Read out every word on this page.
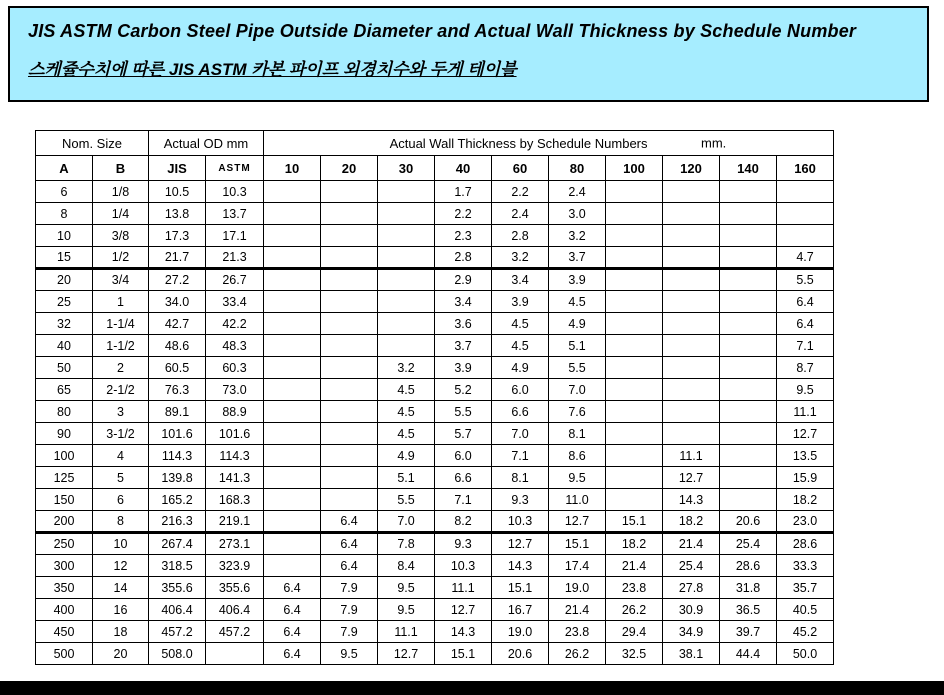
JIS ASTM Carbon Steel Pipe Outside Diameter and Actual Wall Thickness by Schedule Number
스케쥴수치에 따른 JIS ASTM 카본 파이프 외경치수와 두게 테이블
Nom. Size		Actual OD mm		Actual Wall Thickness by Schedule Numbers mm.									

A	B	JIS	ASTM	10	20	30	40	60	80	100	120	140	160
6	1/8	10.5	10.3				1.7	2.2	2.4				
8	1/4	13.8	13.7				2.2	2.4	3.0				
10	3/8	17.3	17.1				2.3	2.8	3.2				
15	1/2	21.7	21.3				2.8	3.2	3.7				4.7
20	3/4	27.2	26.7				2.9	3.4	3.9				5.5
25	1	34.0	33.4				3.4	3.9	4.5				6.4
32	1-1/4	42.7	42.2				3.6	4.5	4.9				6.4
40	1-1/2	48.6	48.3				3.7	4.5	5.1				7.1
50	2	60.5	60.3			3.2	3.9	4.9	5.5				8.7
65	2-1/2	76.3	73.0			4.5	5.2	6.0	7.0				9.5
80	3	89.1	88.9			4.5	5.5	6.6	7.6				11.1
90	3-1/2	101.6	101.6			4.5	5.7	7.0	8.1				12.7
100	4	114.3	114.3			4.9	6.0	7.1	8.6		11.1		13.5
125	5	139.8	141.3			5.1	6.6	8.1	9.5		12.7		15.9
150	6	165.2	168.3			5.5	7.1	9.3	11.0		14.3		18.2
200	8	216.3	219.1		6.4	7.0	8.2	10.3	12.7	15.1	18.2	20.6	23.0
250	10	267.4	273.1		6.4	7.8	9.3	12.7	15.1	18.2	21.4	25.4	28.6
300	12	318.5	323.9		6.4	8.4	10.3	14.3	17.4	21.4	25.4	28.6	33.3
350	14	355.6	355.6	6.4	7.9	9.5	11.1	15.1	19.0	23.8	27.8	31.8	35.7
400	16	406.4	406.4	6.4	7.9	9.5	12.7	16.7	21.4	26.2	30.9	36.5	40.5
450	18	457.2	457.2	6.4	7.9	11.1	14.3	19.0	23.8	29.4	34.9	39.7	45.2
500	20	508.0		6.4	9.5	12.7	15.1	20.6	26.2	32.5	38.1	44.4	50.0
